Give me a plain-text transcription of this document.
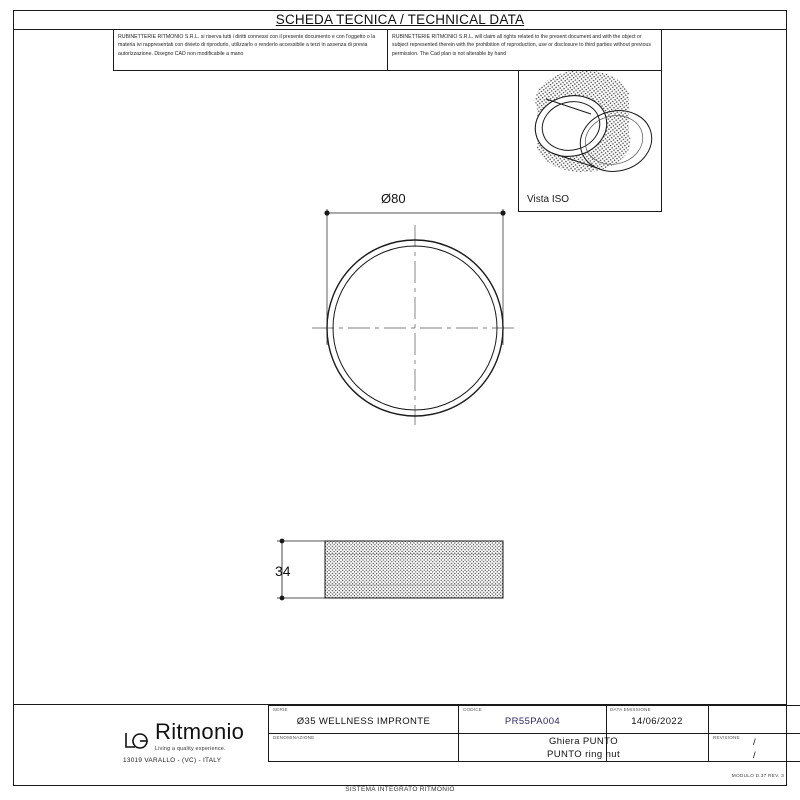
SCHEDA TECNICA / TECHNICAL DATA
RUBINETTERIE RITMONIO S.R.L. si riserva tutti i diritti connessi con il presente documento e con l'oggetto o la materia ivi rappresentati con divieto di riprodurlo, utilizzarlo o renderlo accessibile a terzi in assenza di previa autorizzazione. Disegno CAD non modificabile a mano
RUBINETTERIE RITMONIO S.R.L. will claim all rights related to the present document and with the object or subject represented therein with the prohibition of reproduction, use or disclosure to third parties without previous permission. The Cad plan is not alterable by hand
Vista ISO
Ø80
34
Ritmonio
Living a quality experience.
13019 VARALLO - (VC) - ITALY
SERIE
Ø35 WELLNESS IMPRONTE
CODICE
PR55PA004
DATA EMISSIONE
14/06/2022
DENOMINAZIONE	Ghiera PUNTO
PUNTO ring nut
REVISIONE	/
/
MODULO D.37 REV. 3
SISTEMA INTEGRATO RITMONIO
